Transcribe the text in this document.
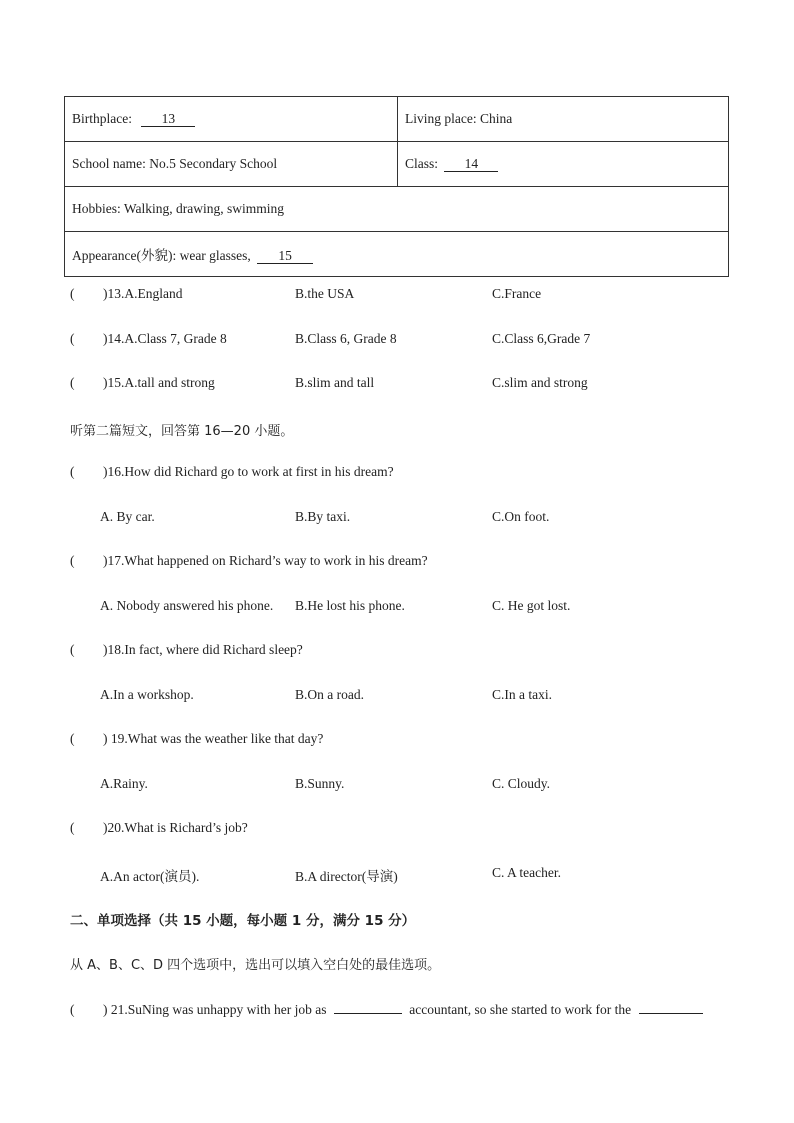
Birthplace: 13	Living place: China
School name: No.5 Secondary School	Class: 14
Hobbies: Walking, drawing, swimming	
Appearance(外貌): wear glasses, 15	
( )13.A.England	B.the USA	C.France
( )14.A.Class 7, Grade 8	B.Class 6, Grade 8	C.Class 6,Grade 7
( )15.A.tall and strong	B.slim and tall	C.slim and strong
听第二篇短文，回答第 16—20 小题。
( )16.How did Richard go to work at first in his dream?
A. By car.	B.By taxi.	C.On foot.
( )17.What happened on Richard’s way to work in his dream?
A. Nobody answered his phone. B.He lost his phone.	C. He got lost.
( )18.In fact, where did Richard sleep?
A.In a workshop.	B.On a road.	C.In a taxi.
( ) 19.What was the weather like that day?
A.Rainy.	B.Sunny.	C. Cloudy.
( )20.What is Richard’s job?
A.An actor(演员).	B.A director(导演)	C. A teacher.
二、单项选择（共 15 小题，每小题 1 分，满分 15 分）
从 A、B、C、D 四个选项中，选出可以填入空白处的最佳选项。
( ) 21.SuNing was unhappy with her job as	accountant, so she started to work for the
